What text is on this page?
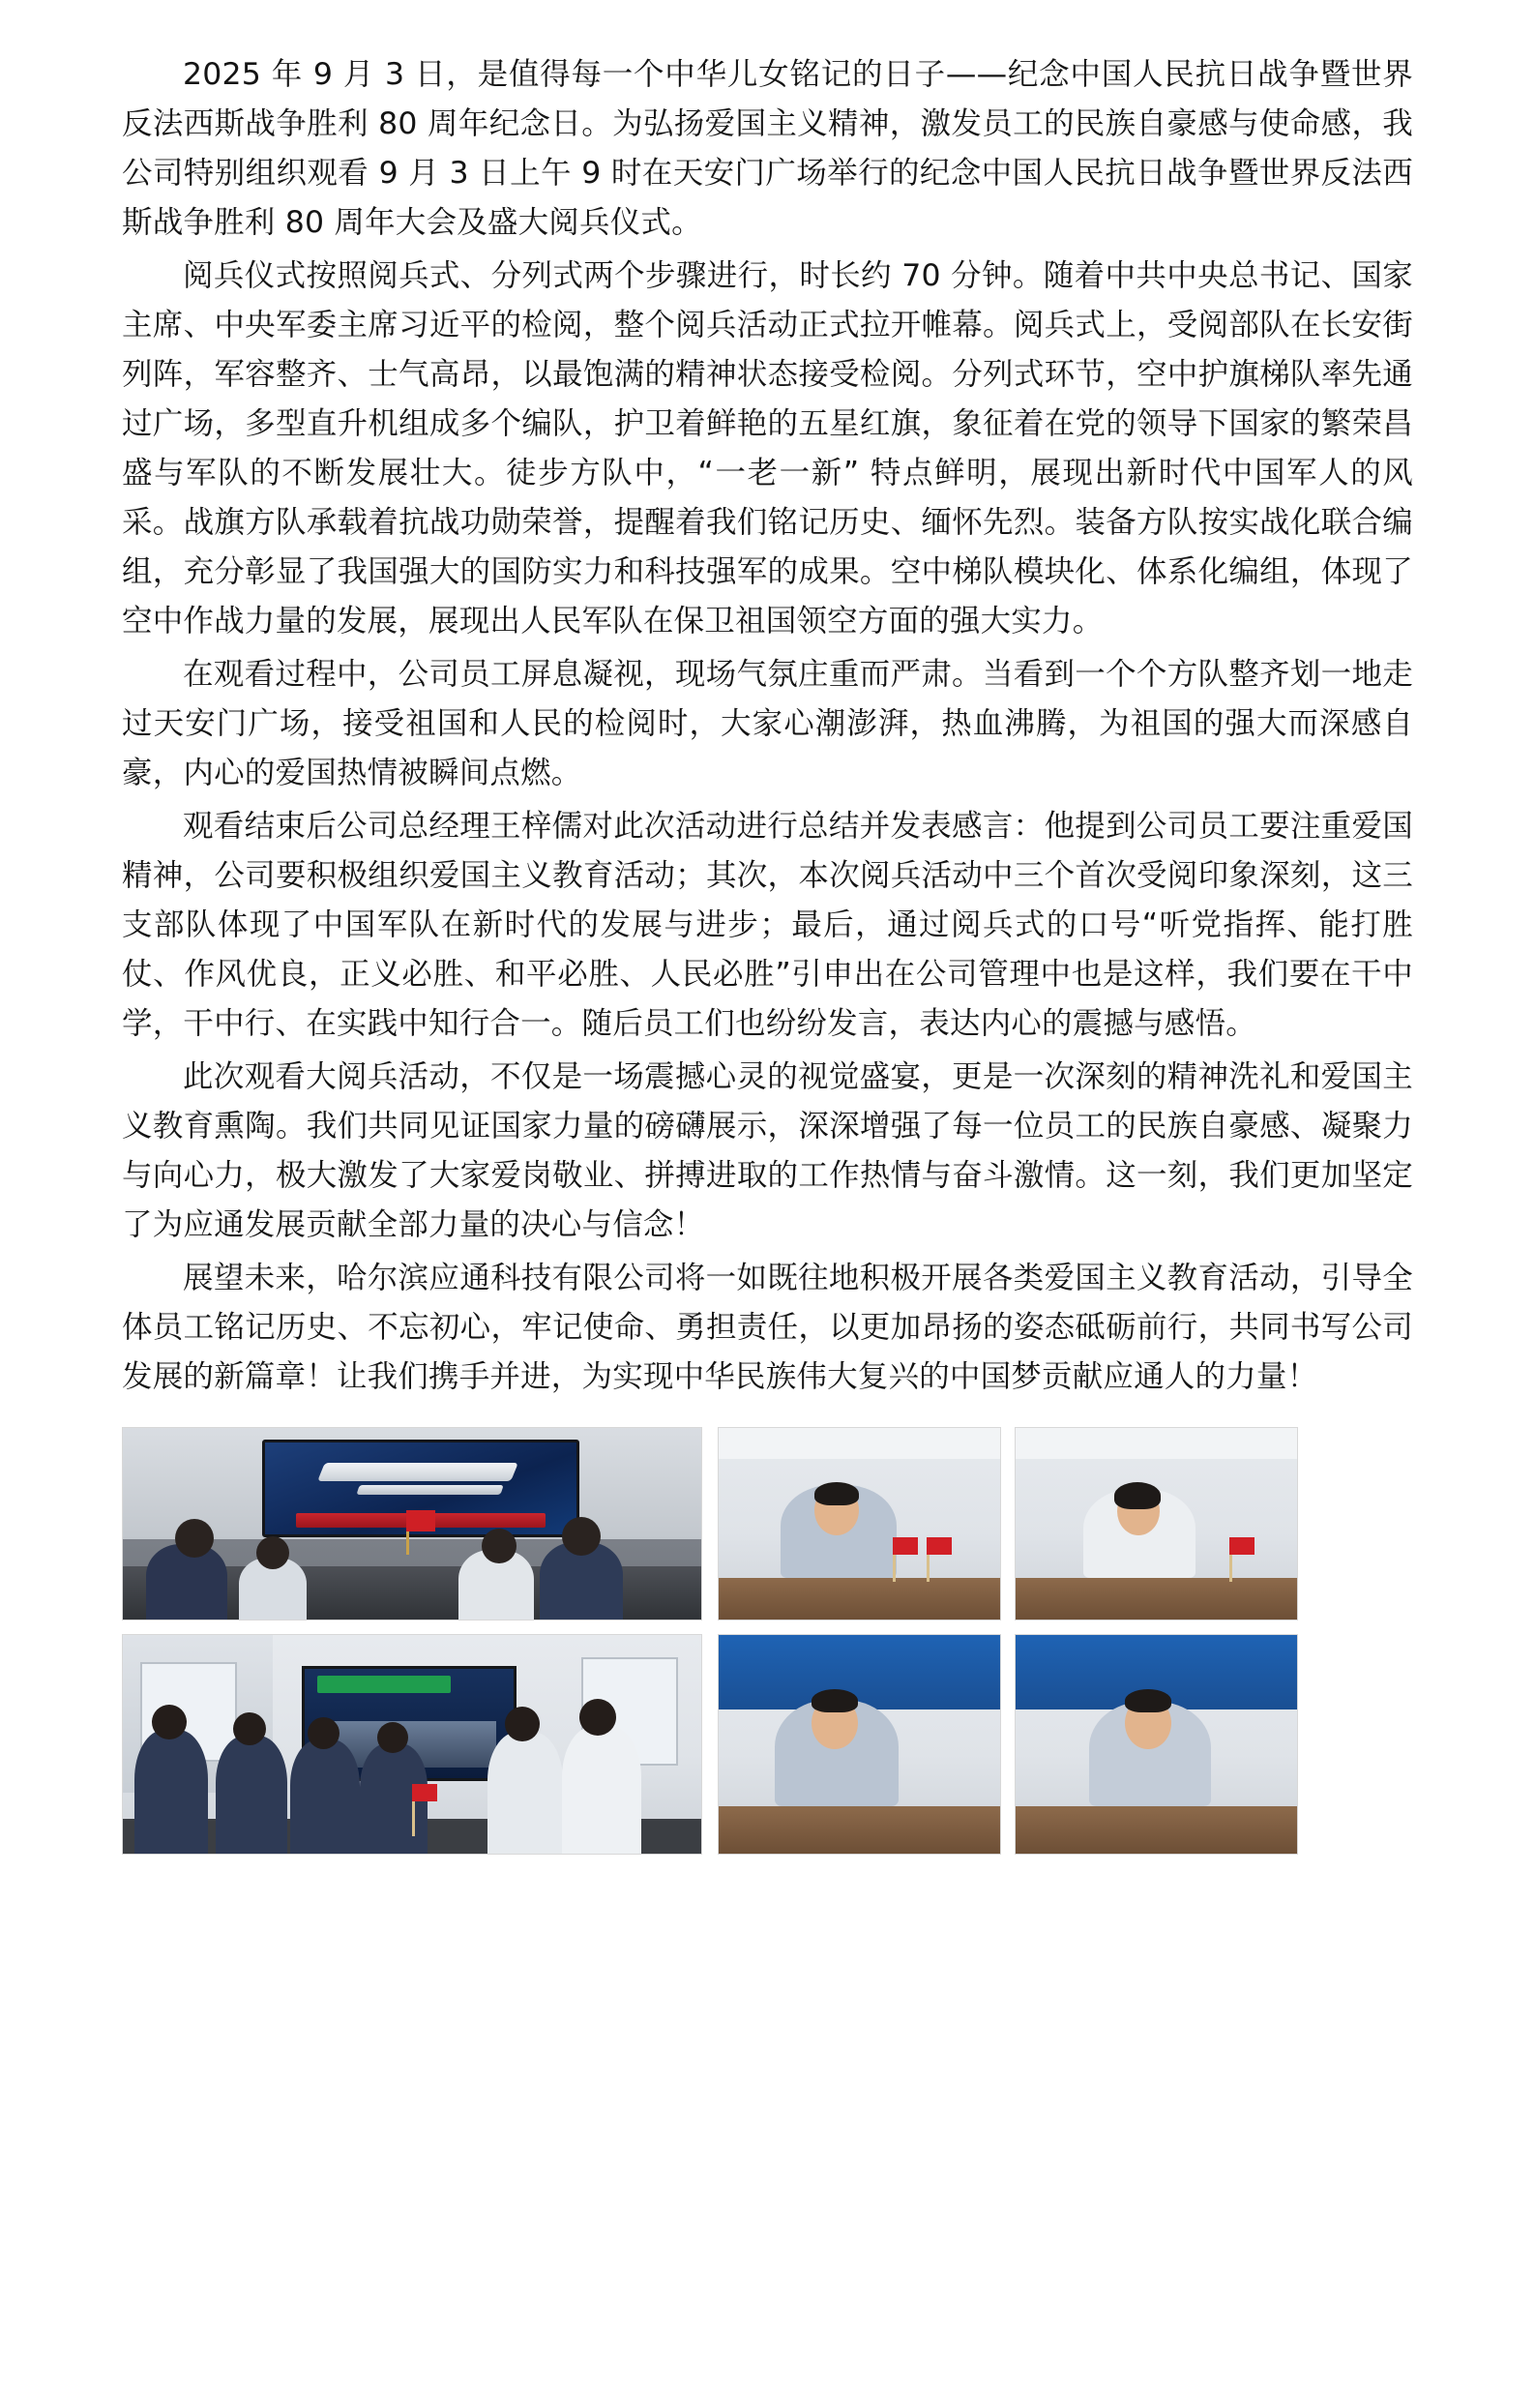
2025 年 9 月 3 日，是值得每一个中华儿女铭记的日子——纪念中国人民抗日战争暨世界反法西斯战争胜利 80 周年纪念日。为弘扬爱国主义精神，激发员工的民族自豪感与使命感，我公司特别组织观看 9 月 3 日上午 9 时在天安门广场举行的纪念中国人民抗日战争暨世界反法西斯战争胜利 80 周年大会及盛大阅兵仪式。

阅兵仪式按照阅兵式、分列式两个步骤进行，时长约 70 分钟。随着中共中央总书记、国家主席、中央军委主席习近平的检阅，整个阅兵活动正式拉开帷幕。阅兵式上，受阅部队在长安街列阵，军容整齐、士气高昂，以最饱满的精神状态接受检阅。分列式环节，空中护旗梯队率先通过广场，多型直升机组成多个编队，护卫着鲜艳的五星红旗，象征着在党的领导下国家的繁荣昌盛与军队的不断发展壮大。徒步方队中，“一老一新” 特点鲜明，展现出新时代中国军人的风采。战旗方队承载着抗战功勋荣誉，提醒着我们铭记历史、缅怀先烈。装备方队按实战化联合编组，充分彰显了我国强大的国防实力和科技强军的成果。空中梯队模块化、体系化编组，体现了空中作战力量的发展，展现出人民军队在保卫祖国领空方面的强大实力。

在观看过程中，公司员工屏息凝视，现场气氛庄重而严肃。当看到一个个方队整齐划一地走过天安门广场，接受祖国和人民的检阅时，大家心潮澎湃，热血沸腾，为祖国的强大而深感自豪，内心的爱国热情被瞬间点燃。

观看结束后公司总经理王梓儒对此次活动进行总结并发表感言：他提到公司员工要注重爱国精神，公司要积极组织爱国主义教育活动；其次，本次阅兵活动中三个首次受阅印象深刻，这三支部队体现了中国军队在新时代的发展与进步；最后，通过阅兵式的口号“听党指挥、能打胜仗、作风优良，正义必胜、和平必胜、人民必胜”引申出在公司管理中也是这样，我们要在干中学，干中行、在实践中知行合一。随后员工们也纷纷发言，表达内心的震撼与感悟。

此次观看大阅兵活动，不仅是一场震撼心灵的视觉盛宴，更是一次深刻的精神洗礼和爱国主义教育熏陶。我们共同见证国家力量的磅礴展示，深深增强了每一位员工的民族自豪感、凝聚力与向心力，极大激发了大家爱岗敬业、拼搏进取的工作热情与奋斗激情。这一刻，我们更加坚定了为应通发展贡献全部力量的决心与信念！

展望未来，哈尔滨应通科技有限公司将一如既往地积极开展各类爱国主义教育活动，引导全体员工铭记历史、不忘初心，牢记使命、勇担责任，以更加昂扬的姿态砥砺前行，共同书写公司发展的新篇章！让我们携手并进，为实现中华民族伟大复兴的中国梦贡献应通人的力量！
